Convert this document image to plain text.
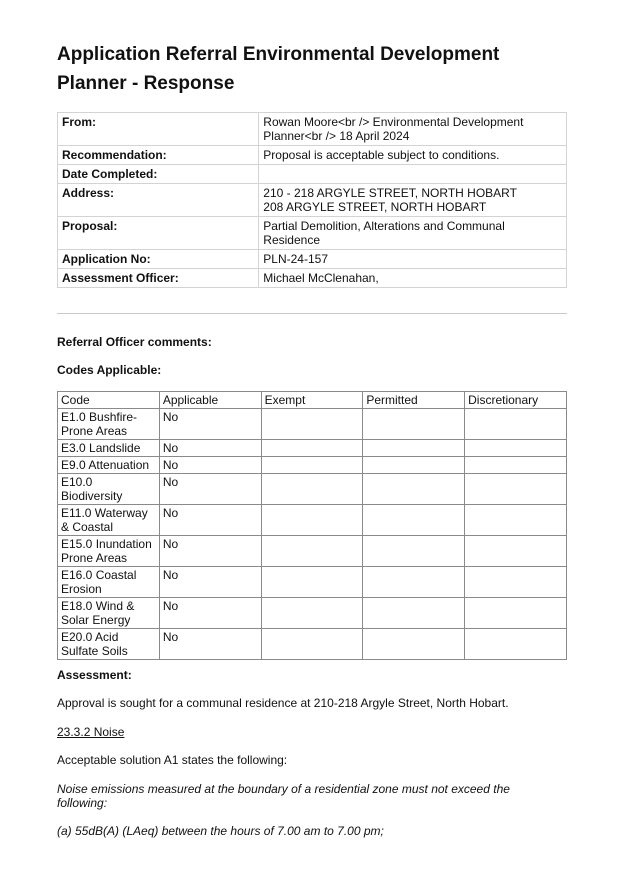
Application Referral Environmental Development Planner - Response
From:	Rowan Moore<br /> Environmental Development Planner<br /> 18 April 2024
Recommendation:	Proposal is acceptable subject to conditions.
Date Completed:	
Address:	210 - 218 ARGYLE STREET, NORTH HOBART
208 ARGYLE STREET, NORTH HOBART

Proposal:	Partial Demolition, Alterations and Communal Residence
Application No:	PLN-24-157
Assessment Officer:	Michael McClenahan,

Referral Officer comments:

Codes Applicable:

Code	Applicable	Exempt	Permitted	Discretionary
E1.0 Bushfire-Prone Areas	No			
E3.0 Landslide	No			
E9.0 Attenuation	No			
E10.0 Biodiversity	No			
E11.0 Waterway & Coastal	No			
E15.0 Inundation Prone Areas	No			
E16.0 Coastal Erosion	No			
E18.0 Wind & Solar Energy	No			
E20.0 Acid Sulfate Soils	No			

Assessment:

Approval is sought for a communal residence at 210-218 Argyle Street, North Hobart.

23.3.2 Noise

Acceptable solution A1 states the following:

Noise emissions measured at the boundary of a residential zone must not exceed the following:

(a) 55dB(A) (LAeq) between the hours of 7.00 am to 7.00 pm;
